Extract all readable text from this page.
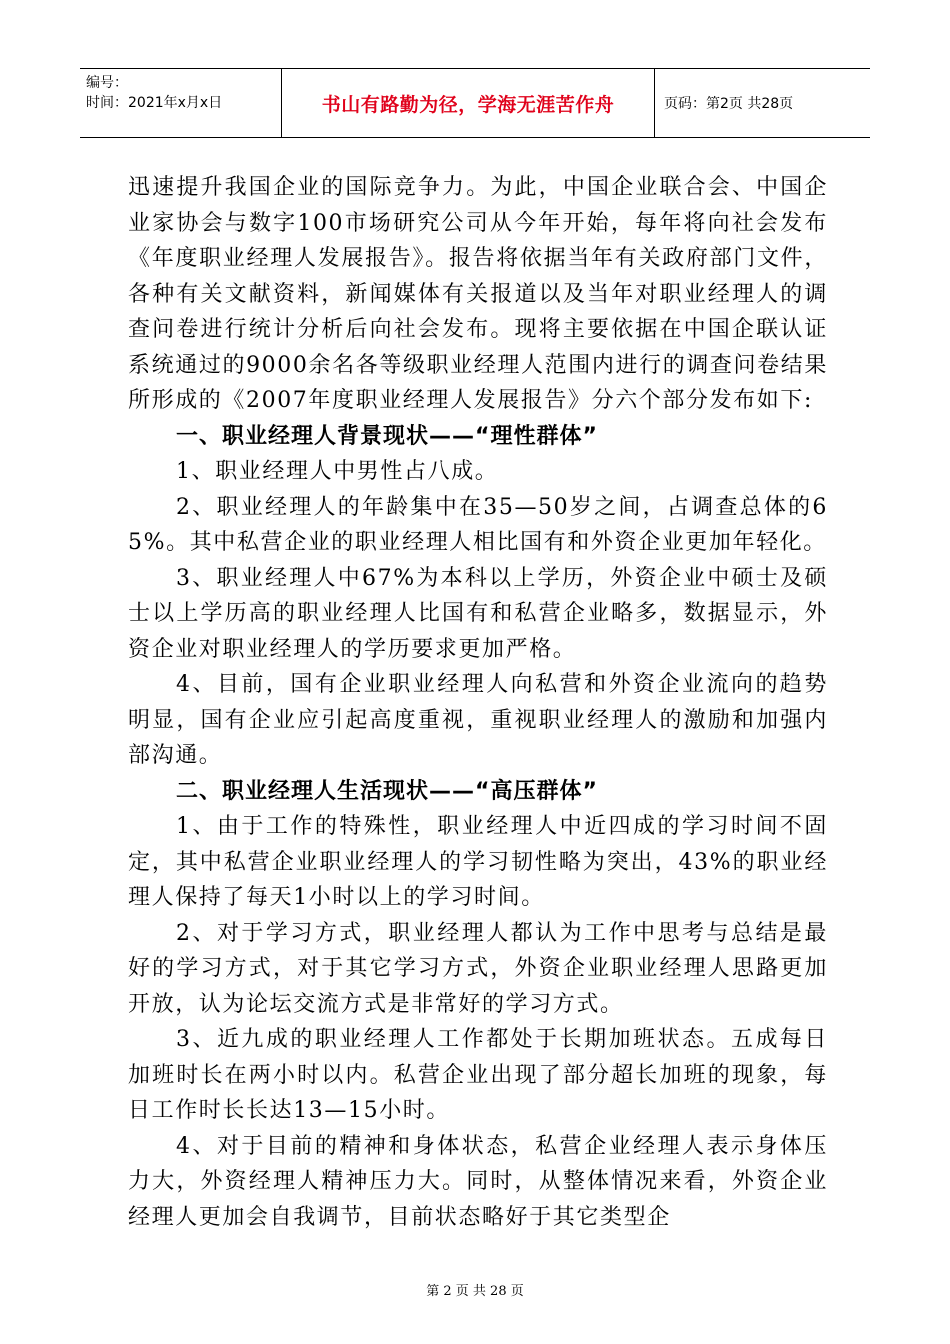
编号：
时间：2021年x月x日	书山有路勤为径，学海无涯苦作舟	页码：第2页 共28页

迅速提升我国企业的国际竞争力。为此，中国企业联合会、中国企业家协会与数字100市场研究公司从今年开始，每年将向社会发布《年度职业经理人发展报告》。报告将依据当年有关政府部门文件，各种有关文献资料，新闻媒体有关报道以及当年对职业经理人的调查问卷进行统计分析后向社会发布。现将主要依据在中国企联认证系统通过的9000余名各等级职业经理人范围内进行的调查问卷结果所形成的《2007年度职业经理人发展报告》分六个部分发布如下:

一、职业经理人背景现状——“理性群体”

1、职业经理人中男性占八成。

2、职业经理人的年龄集中在35—50岁之间，占调查总体的65%。其中私营企业的职业经理人相比国有和外资企业更加年轻化。

3、职业经理人中67%为本科以上学历，外资企业中硕士及硕士以上学历高的职业经理人比国有和私营企业略多，数据显示，外资企业对职业经理人的学历要求更加严格。

4、目前，国有企业职业经理人向私营和外资企业流向的趋势明显，国有企业应引起高度重视，重视职业经理人的激励和加强内部沟通。

二、职业经理人生活现状——“高压群体”

1、由于工作的特殊性，职业经理人中近四成的学习时间不固定，其中私营企业职业经理人的学习韧性略为突出，43%的职业经理人保持了每天1小时以上的学习时间。

2、对于学习方式，职业经理人都认为工作中思考与总结是最好的学习方式，对于其它学习方式，外资企业职业经理人思路更加开放，认为论坛交流方式是非常好的学习方式。

3、近九成的职业经理人工作都处于长期加班状态。五成每日加班时长在两小时以内。私营企业出现了部分超长加班的现象，每日工作时长长达13—15小时。

4、对于目前的精神和身体状态，私营企业经理人表示身体压力大，外资经理人精神压力大。同时，从整体情况来看，外资企业经理人更加会自我调节，目前状态略好于其它类型企

第 2 页 共 28 页
